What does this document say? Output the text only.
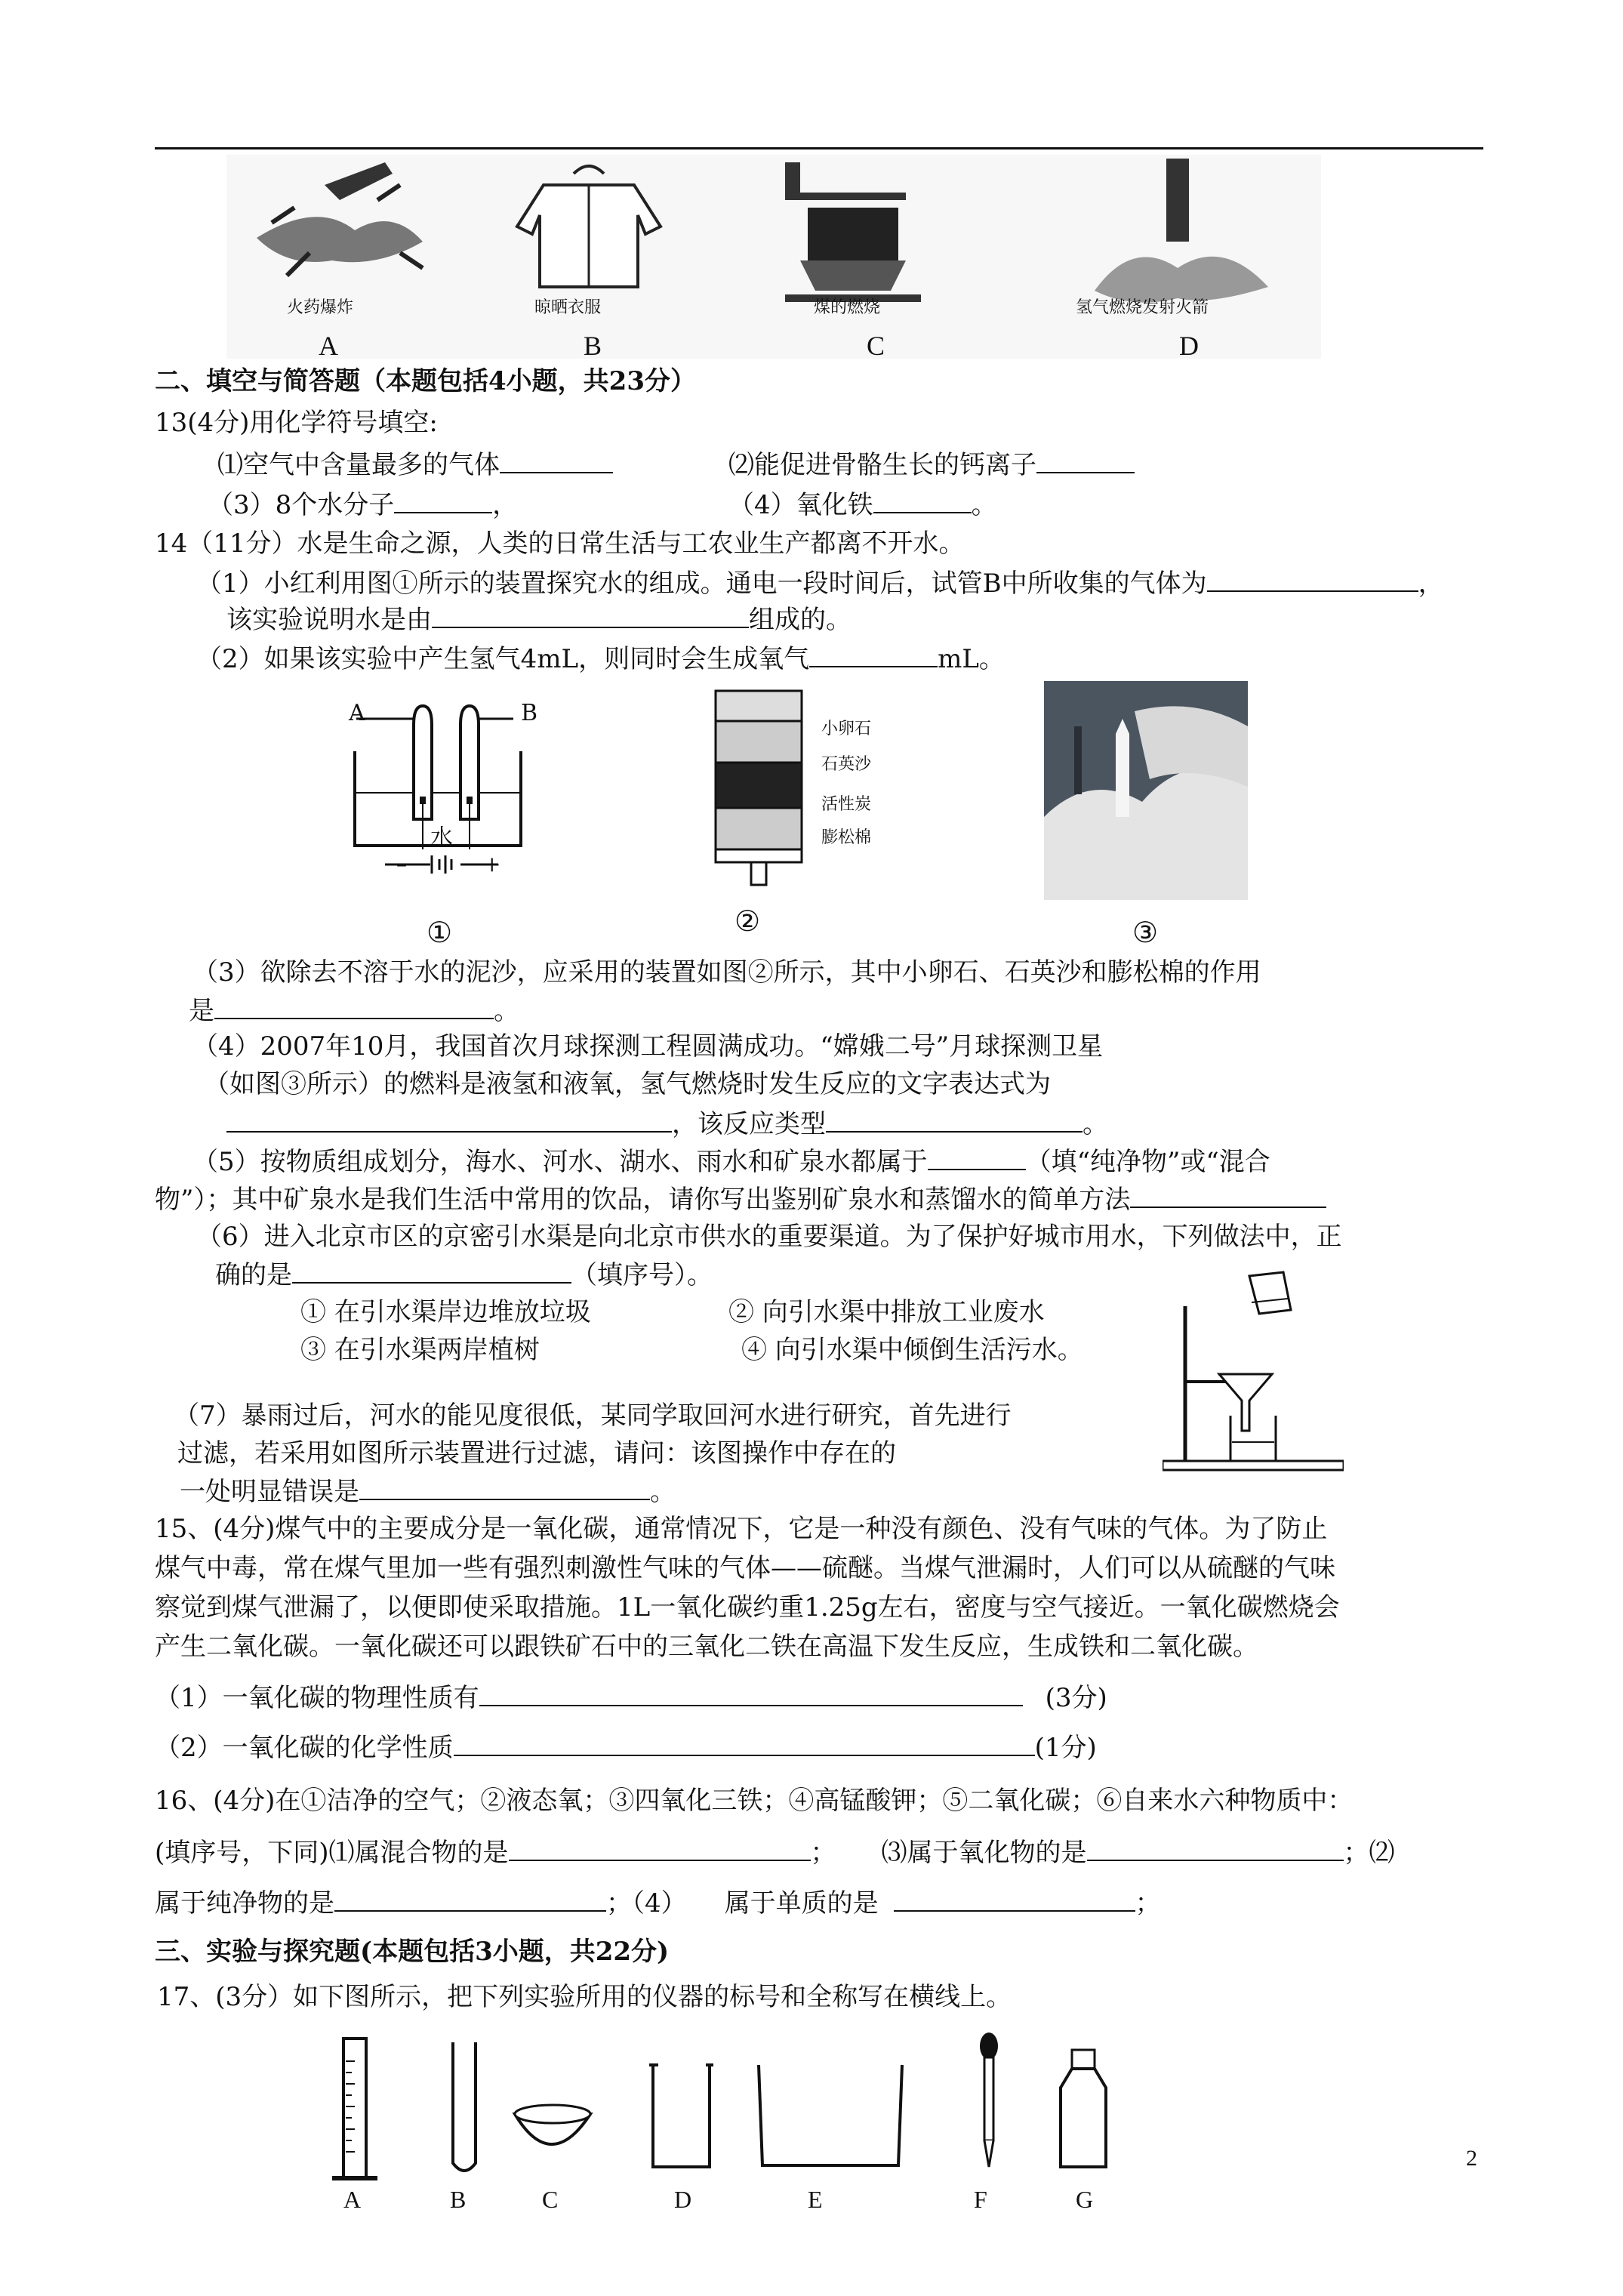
火药爆炸	晾晒衣服	煤的燃烧	氢气燃烧发射火箭
A	B	C	D
二、填空与简答题（本题包括4小题，共23分）
13(4分)用化学符号填空:
⑴空气中含量最多的气体	⑵能促进骨骼生长的钙离子
（3）8个水分子	，	（4）氧化铁	。
14（11分）水是生命之源，人类的日常生活与工农业生产都离不开水。
（1）小红利用图①所示的装置探究水的组成。通电一段时间后，试管B中所收集的气体为	，
该实验说明水是由	组成的。
（2）如果该实验中产生氢气4mL，则同时会生成氧气	mL。
A	B
水
–	+
①
小卵石
石英沙
活性炭
膨松棉
②	③
（3）欲除去不溶于水的泥沙，应采用的装置如图②所示，其中小卵石、石英沙和膨松棉的作用
是	。
（4）2007年10月，我国首次月球探测工程圆满成功。“嫦娥二号”月球探测卫星
（如图③所示）的燃料是液氢和液氧，氢气燃烧时发生反应的文字表达式为
，该反应类型	。
（5）按物质组成划分，海水、河水、湖水、雨水和矿泉水都属于	（填“纯净物”或“混合
物”）；其中矿泉水是我们生活中常用的饮品，请你写出鉴别矿泉水和蒸馏水的简单方法
（6）进入北京市区的京密引水渠是向北京市供水的重要渠道。为了保护好城市用水，下列做法中，正
确的是	（填序号）。
① 在引水渠岸边堆放垃圾	② 向引水渠中排放工业废水
③ 在引水渠两岸植树	④ 向引水渠中倾倒生活污水。
（7）暴雨过后，河水的能见度很低，某同学取回河水进行研究，首先进行
过滤，若采用如图所示装置进行过滤，请问：该图操作中存在的
一处明显错误是	。
15、(4分)煤气中的主要成分是一氧化碳，通常情况下，它是一种没有颜色、没有气味的气体。为了防止
煤气中毒，常在煤气里加一些有强烈刺激性气味的气体——硫醚。当煤气泄漏时，人们可以从硫醚的气味
察觉到煤气泄漏了，以便即使采取措施。1L一氧化碳约重1.25g左右，密度与空气接近。一氧化碳燃烧会
产生二氧化碳。一氧化碳还可以跟铁矿石中的三氧化二铁在高温下发生反应，生成铁和二氧化碳。
（1）一氧化碳的物理性质有	(3分)
（2）一氧化碳的化学性质	(1分)
16、(4分)在①洁净的空气；②液态氧；③四氧化三铁；④高锰酸钾；⑤二氧化碳；⑥自来水六种物质中：
(填序号，下同)⑴属混合物的是	； ⑶属于氧化物的是	；⑵
属于纯净物的是	；（4） 属于单质的是	；
三、实验与探究题(本题包括3小题，共22分)
17、(3分）如下图所示，把下列实验所用的仪器的标号和全称写在横线上。
A	B	C	D	E	F	G
2
